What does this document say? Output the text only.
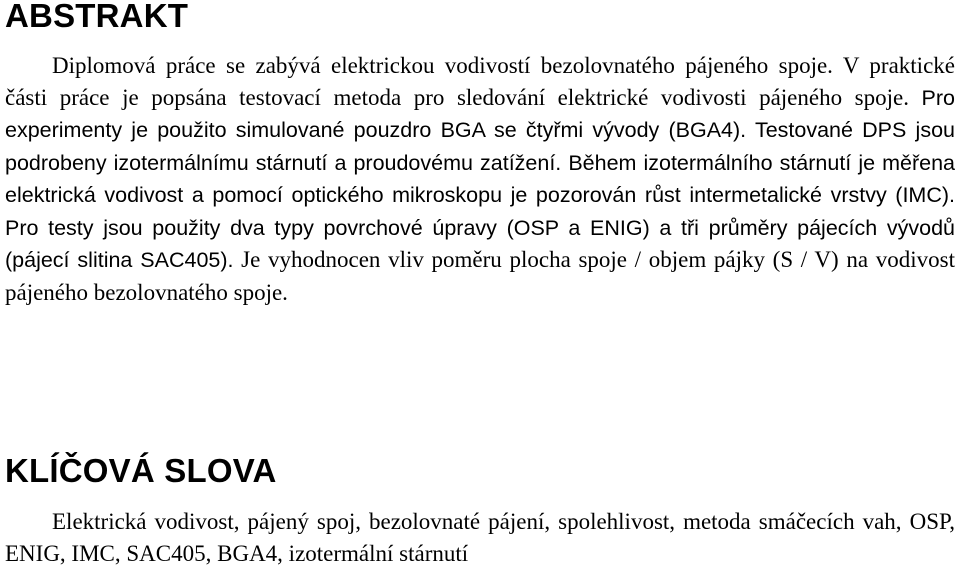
ABSTRAKT

Diplomová práce se zabývá elektrickou vodivostí bezolovnatého pájeného spoje. V praktické části práce je popsána testovací metoda pro sledování elektrické vodivosti pájeného spoje. Pro experimenty je použito simulované pouzdro BGA se čtyřmi vývody (BGA4). Testované DPS jsou podrobeny izotermálnímu stárnutí a proudovému zatížení. Během izotermálního stárnutí je měřena elektrická vodivost a pomocí optického mikroskopu je pozorován růst intermetalické vrstvy (IMC). Pro testy jsou použity dva typy povrchové úpravy (OSP a ENIG) a tři průměry pájecích vývodů (pájecí slitina SAC405). Je vyhodnocen vliv poměru plocha spoje / objem pájky (S / V) na vodivost pájeného bezolovnatého spoje.

KLÍČOVÁ SLOVA

Elektrická vodivost, pájený spoj, bezolovnaté pájení, spolehlivost, metoda smáčecích vah, OSP, ENIG, IMC, SAC405, BGA4, izotermální stárnutí
